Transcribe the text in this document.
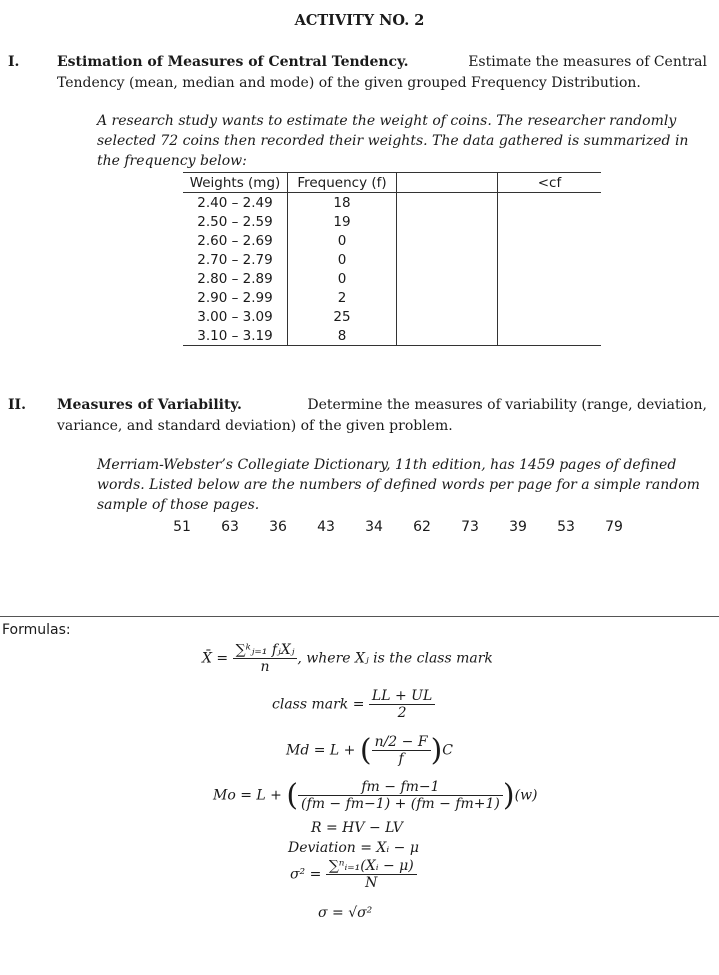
ACTIVITY NO. 2
I.	Estimation of Measures of Central Tendency.	Estimate the measures of Central
Tendency (mean, median and mode) of the given grouped Frequency Distribution.
A research study wants to estimate the weight of coins. The researcher randomly
selected 72 coins then recorded their weights. The data gathered is summarized in
the frequency below:
Weights (mg)	Frequency (f)		<cf
2.40 – 2.49	18		
2.50 – 2.59	19		
2.60 – 2.69	0		
2.70 – 2.79	0		
2.80 – 2.89	0		
2.90 – 2.99	2		
3.00 – 3.09	25		
3.10 – 3.19	8		
II. Measures of Variability.	Determine the measures of variability (range, deviation,
variance, and standard deviation) of the given problem.
Merriam-Webster’s Collegiate Dictionary, 11th edition, has 1459 pages of defined
words. Listed below are the numbers of defined words per page for a simple random
sample of those pages.
51 63 36 43 34 62 73 39 53 79
Formulas:
X̄ = $\frac{\text{∑ᵏⱼ₌₁ fⱼXⱼ}}{n}$ , where Xⱼ is the class mark
class mark = $\frac{LL + UL}{2}$
Md = L + ( $\frac{n/2 - F}{f} )C$
Mo = L + ( $\frac{fm - fm-1}{(fm - fm-1) + (fm - fm+1)} )(w)$
R = HV − LV
Deviation = Xᵢ − μ
$\sigma^2 = \frac{\text{∑ⁿᵢ₌₁(Xᵢ − μ)}}{N}$
σ = √σ²
